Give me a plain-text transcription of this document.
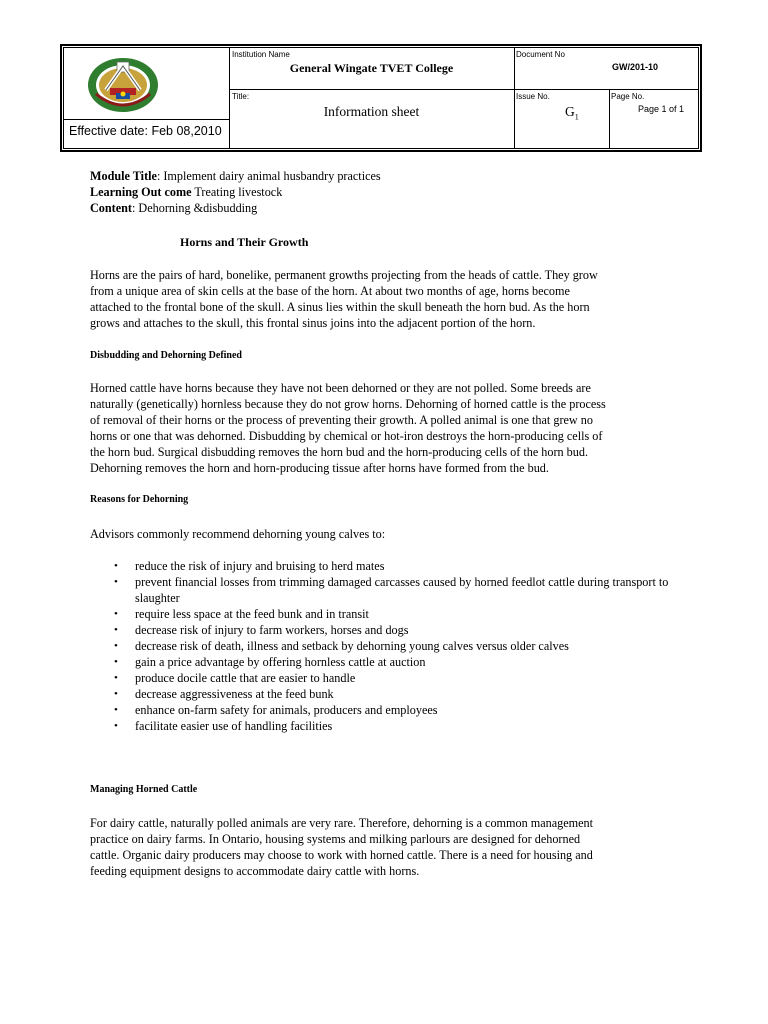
Institution Name
General Wingate TVET College
Document No
GW/201-10
Title:
Information sheet
Issue No.
$G_1$
Page No.
Page 1 of 1
Effective date: Feb 08,2010
Module Title: Implement dairy animal husbandry practices
Learning Out come Treating livestock
Content: Dehorning &disbudding
Horns and Their Growth
Horns are the pairs of hard, bonelike, permanent growths projecting from the heads of cattle. They grow
from a unique area of skin cells at the base of the horn. At about two months of age, horns become
attached to the frontal bone of the skull. A sinus lies within the skull beneath the horn bud. As the horn
grows and attaches to the skull, this frontal sinus joins into the adjacent portion of the horn.
Disbudding and Dehorning Defined
Horned cattle have horns because they have not been dehorned or they are not polled. Some breeds are
naturally (genetically) hornless because they do not grow horns. Dehorning of horned cattle is the process
of removal of their horns or the process of preventing their growth. A polled animal is one that grew no
horns or one that was dehorned. Disbudding by chemical or hot-iron destroys the horn-producing cells of
the horn bud. Surgical disbudding removes the horn bud and the horn-producing cells of the horn bud.
Dehorning removes the horn and horn-producing tissue after horns have formed from the bud.
Reasons for Dehorning
Advisors commonly recommend dehorning young calves to:
• reduce the risk of injury and bruising to herd mates
• prevent financial losses from trimming damaged carcasses caused by horned feedlot cattle during transport to slaughter
• require less space at the feed bunk and in transit
• decrease risk of injury to farm workers, horses and dogs
• decrease risk of death, illness and setback by dehorning young calves versus older calves
• gain a price advantage by offering hornless cattle at auction
• produce docile cattle that are easier to handle
• decrease aggressiveness at the feed bunk
• enhance on-farm safety for animals, producers and employees
• facilitate easier use of handling facilities
Managing Horned Cattle
For dairy cattle, naturally polled animals are very rare. Therefore, dehorning is a common management
practice on dairy farms. In Ontario, housing systems and milking parlours are designed for dehorned
cattle. Organic dairy producers may choose to work with horned cattle. There is a need for housing and
feeding equipment designs to accommodate dairy cattle with horns.
